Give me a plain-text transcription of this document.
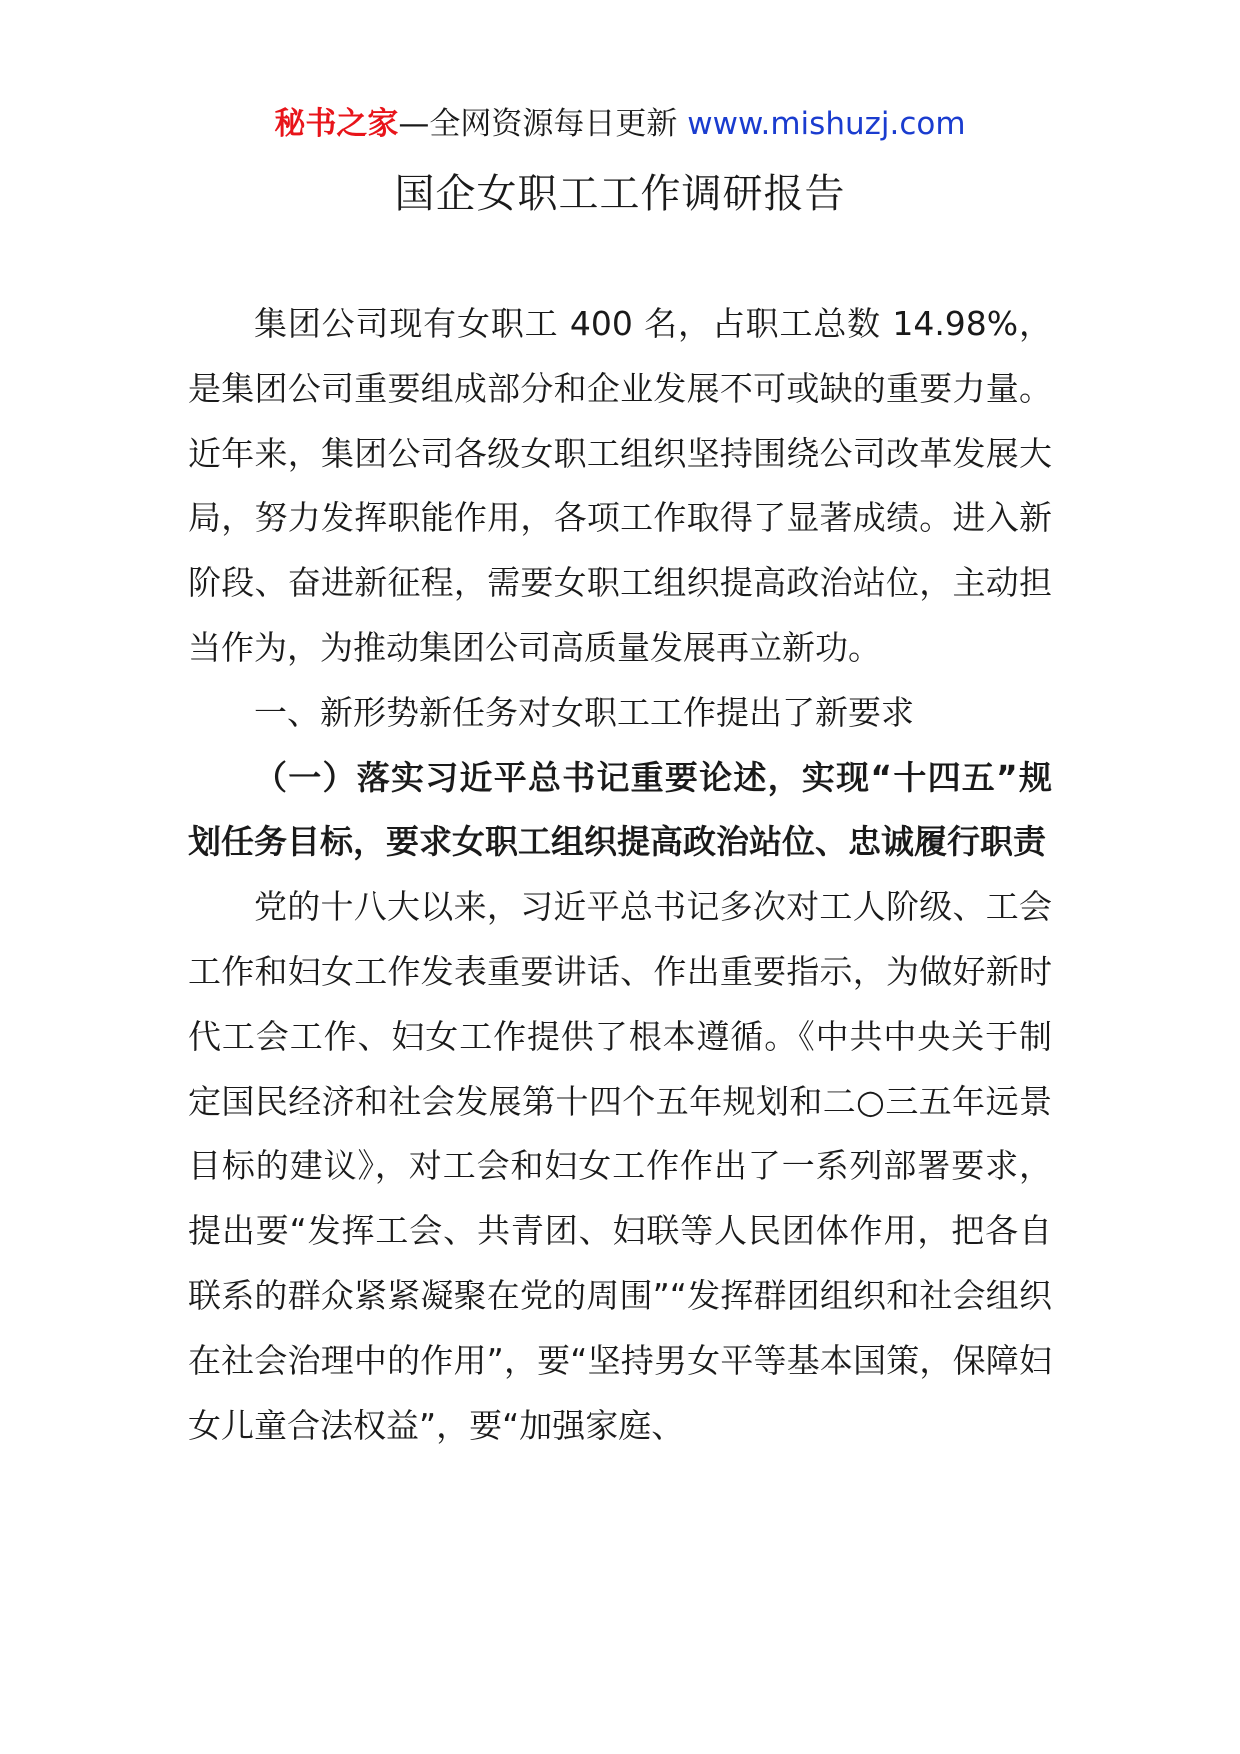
秘书之家—全网资源每日更新 www.mishuzj.com
国企女职工工作调研报告

集团公司现有女职工 400 名，占职工总数 14.98%，是集团公司重要组成部分和企业发展不可或缺的重要力量。近年来，集团公司各级女职工组织坚持围绕公司改革发展大局，努力发挥职能作用，各项工作取得了显著成绩。进入新阶段、奋进新征程，需要女职工组织提高政治站位，主动担当作为，为推动集团公司高质量发展再立新功。

一、新形势新任务对女职工工作提出了新要求

（一）落实习近平总书记重要论述，实现“十四五”规划任务目标，要求女职工组织提高政治站位、忠诚履行职责

党的十八大以来，习近平总书记多次对工人阶级、工会工作和妇女工作发表重要讲话、作出重要指示，为做好新时代工会工作、妇女工作提供了根本遵循。《中共中央关于制定国民经济和社会发展第十四个五年规划和二○三五年远景目标的建议》，对工会和妇女工作作出了一系列部署要求，提出要“发挥工会、共青团、妇联等人民团体作用，把各自联系的群众紧紧凝聚在党的周围”“发挥群团组织和社会组织在社会治理中的作用”，要“坚持男女平等基本国策，保障妇女儿童合法权益”，要“加强家庭、
